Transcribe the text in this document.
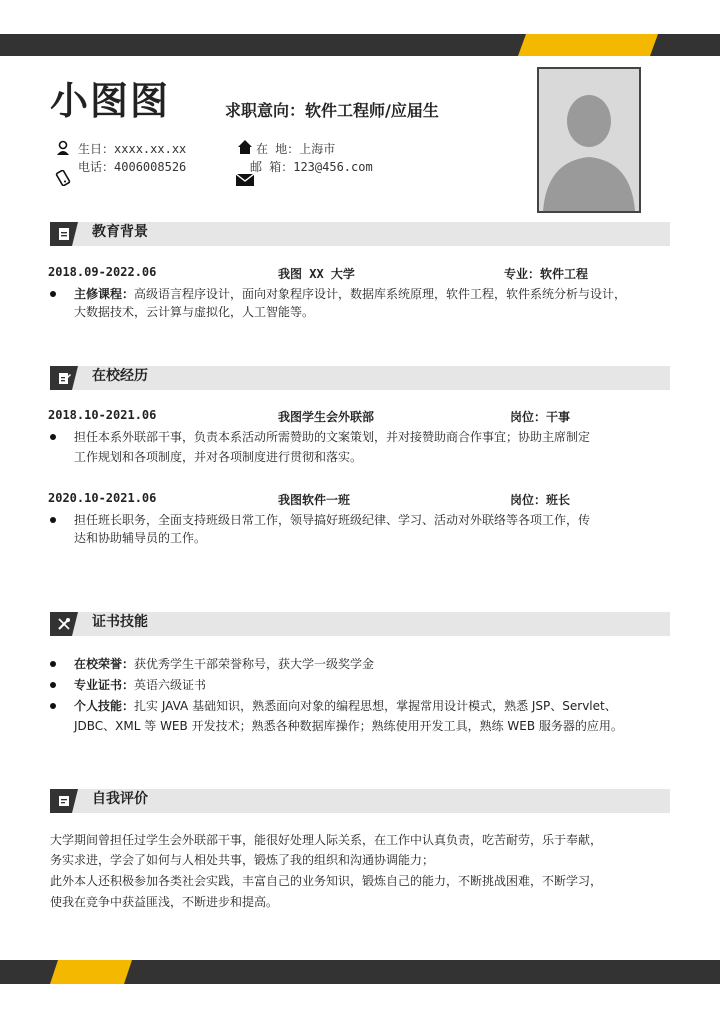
小图图	求职意向：软件工程师/应届生
生日：xxxx.xx.xx
电话：4006008526
在 地：上海市
邮 箱：123@456.com
教育背景
2018.09-2022.06	我图 XX 大学	专业：软件工程
主修课程：高级语言程序设计，面向对象程序设计，数据库系统原理，软件工程，软件系统分析与设计，
大数据技术，云计算与虚拟化，人工智能等。
在校经历
2018.10-2021.06	我图学生会外联部	岗位：干事
担任本系外联部干事，负责本系活动所需赞助的文案策划，并对接赞助商合作事宜；协助主席制定
工作规划和各项制度，并对各项制度进行贯彻和落实。
2020.10-2021.06	我图软件一班	岗位：班长
担任班长职务，全面支持班级日常工作，领导搞好班级纪律、学习、活动对外联络等各项工作，传
达和协助辅导员的工作。
证书技能
在校荣誉：获优秀学生干部荣誉称号，获大学一级奖学金
专业证书：英语六级证书
个人技能：扎实 JAVA 基础知识，熟悉面向对象的编程思想，掌握常用设计模式，熟悉 JSP、Servlet、
JDBC、XML 等 WEB 开发技术；熟悉各种数据库操作；熟练使用开发工具，熟练 WEB 服务器的应用。
自我评价
大学期间曾担任过学生会外联部干事，能很好处理人际关系，在工作中认真负责，吃苦耐劳，乐于奉献，
务实求进，学会了如何与人相处共事，锻炼了我的组织和沟通协调能力；
此外本人还积极参加各类社会实践，丰富自己的业务知识，锻炼自己的能力，不断挑战困难，不断学习，
使我在竞争中获益匪浅，不断进步和提高。
